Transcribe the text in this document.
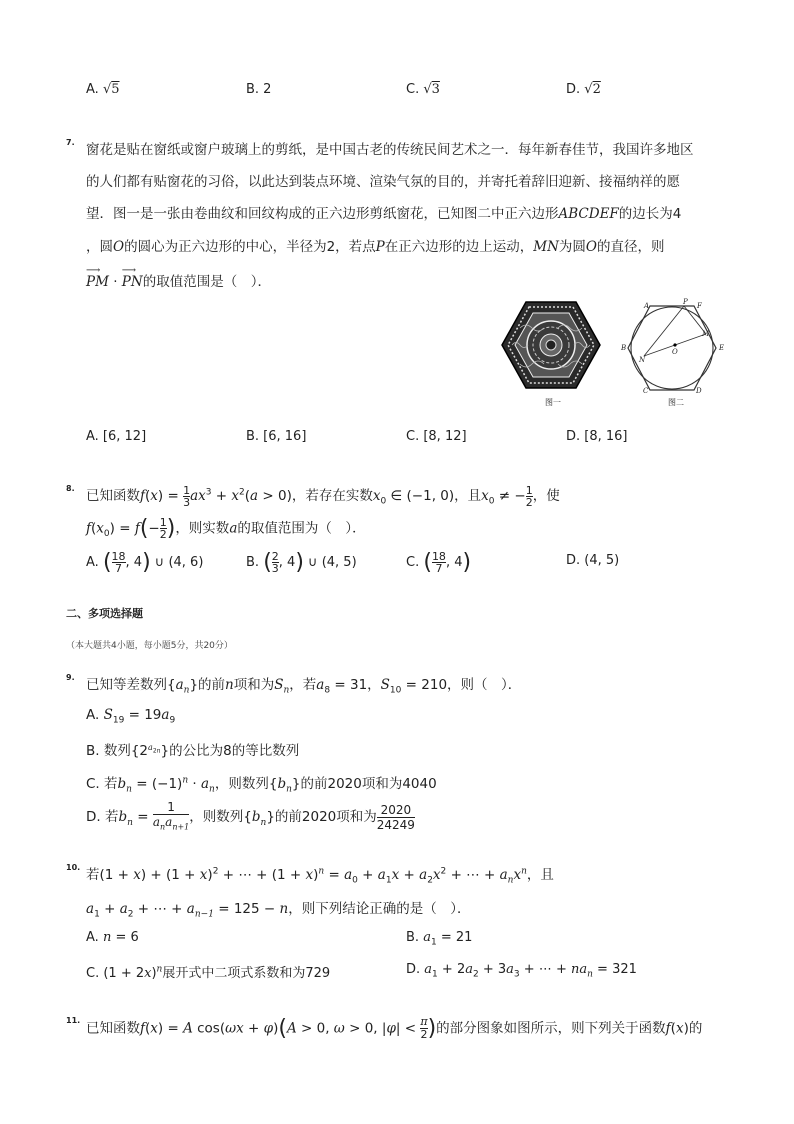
A. √5	B. 2	C. √3	D. √2
7. 窗花是贴在窗纸或窗户玻璃上的剪纸，是中国古老的传统民间艺术之一．每年新春佳节，我国许多地区
的人们都有贴窗花的习俗，以此达到装点环境、渲染气氛的目的，并寄托着辞旧迎新、接福纳祥的愿
望．图一是一张由卷曲纹和回纹构成的正六边形剪纸窗花，已知图二中正六边形ABCDEF的边长为4
，圆O的圆心为正六边形的中心，半径为2，若点P在正六边形的边上运动，MN为圆O的直径，则
PM
⟶
· PN
⟶
的取值范围是（　）．
图一
A	P F
B
M
O
N
E
C	D
图二
A. [6, 12]	B. [6, 16]	C. [8, 12]	D. [8, 16]
8. 已知函数$f(x) = \frac{1}{3} ax^3 + x^2(a > 0)$，若存在实数$x_0$ ∈ (−1, 0)，且$x_0$ ≠ − $\frac{1}{2}$ ，使
$f(x_0) = f(- \frac{1}{2}$ )，则实数a的取值范围为（　）．
A. ( $\frac{18}{7}$ , 4) ∪ (4, 6)	B. ( $\frac{2}{3}$ , 4) ∪ (4, 5)	C. ( $\frac{18}{7}$ , 4)	D. (4, 5)
二、多项选择题
（本大题共4小题，每小题5分，共20分）
9. 已知等差数列$\{a_n\}$的前n项和为$S_n$，若$a_8 = 31$，$S_{10} = 210$，则（　）．
A. $S_{19} = 19a_9$
B. 数列$\{2^{a_{2n}}\}$的公比为8的等比数列
C. 若$b_n = (-1)^n \cdot a_n$，则数列$\{b_n\}$的前2020项和为4040
D. 若$b_n$ =
1
$a_na_{n+1}$
，则数列$\{b_n\}$的前2020项和为 $\frac{2020}{24249}$
10. 若$(1 + x) + (1 + x)^2$ + ⋯ + $(1 + x)^n = a_0 + a_1x + a_2x^2$ + ⋯ + $a_nx^n$，且
$a_1 + a_2$ + ⋯ + $a_{n-1} = 125 - n$，则下列结论正确的是（　）．
A. n = 6	B. $a_1 = 21$
C. $(1 + 2x)^n$展开式中二项式系数和为729	D. $a_1 + 2a_2 + 3a_3$ + ⋯ + $na_n = 321$
11. 已知函数f(x) = A cos(ωx + φ)(A > 0, ω > 0, $|\varphi| < \frac{\pi}{2}$ )的部分图象如图所示，则下列关于函数f(x)的
